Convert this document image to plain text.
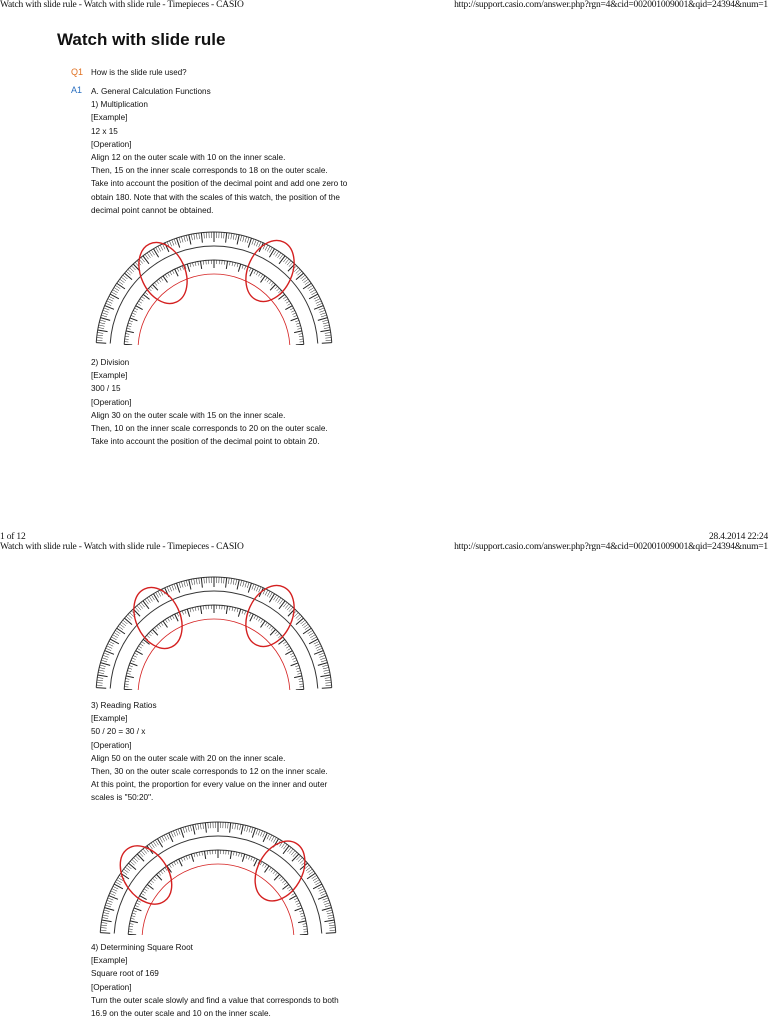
Watch with slide rule - Watch with slide rule - Timepieces - CASIO	http://support.casio.com/answer.php?rgn=4&cid=002001009001&qid=24394&num=1
Watch with slide rule
Q1 How is the slide rule used?
A1 A. General Calculation Functions
1) Multiplication
[Example]
12 x 15
[Operation]
Align 12 on the outer scale with 10 on the inner scale.
Then, 15 on the inner scale corresponds to 18 on the outer scale.
Take into account the position of the decimal point and add one zero to
obtain 180. Note that with the scales of this watch, the position of the
decimal point cannot be obtained.
2) Division
[Example]
300 / 15
[Operation]
Align 30 on the outer scale with 15 on the inner scale.
Then, 10 on the inner scale corresponds to 20 on the outer scale.
Take into account the position of the decimal point to obtain 20.
1 of 12	28.4.2014 22:24
Watch with slide rule - Watch with slide rule - Timepieces - CASIO	http://support.casio.com/answer.php?rgn=4&cid=002001009001&qid=24394&num=1
3) Reading Ratios
[Example]
50 / 20 = 30 / x
[Operation]
Align 50 on the outer scale with 20 on the inner scale.
Then, 30 on the outer scale corresponds to 12 on the inner scale.
At this point, the proportion for every value on the inner and outer
scales is "50:20".
4) Determining Square Root
[Example]
Square root of 169
[Operation]
Turn the outer scale slowly and find a value that corresponds to both
16.9 on the outer scale and 10 on the inner scale.
